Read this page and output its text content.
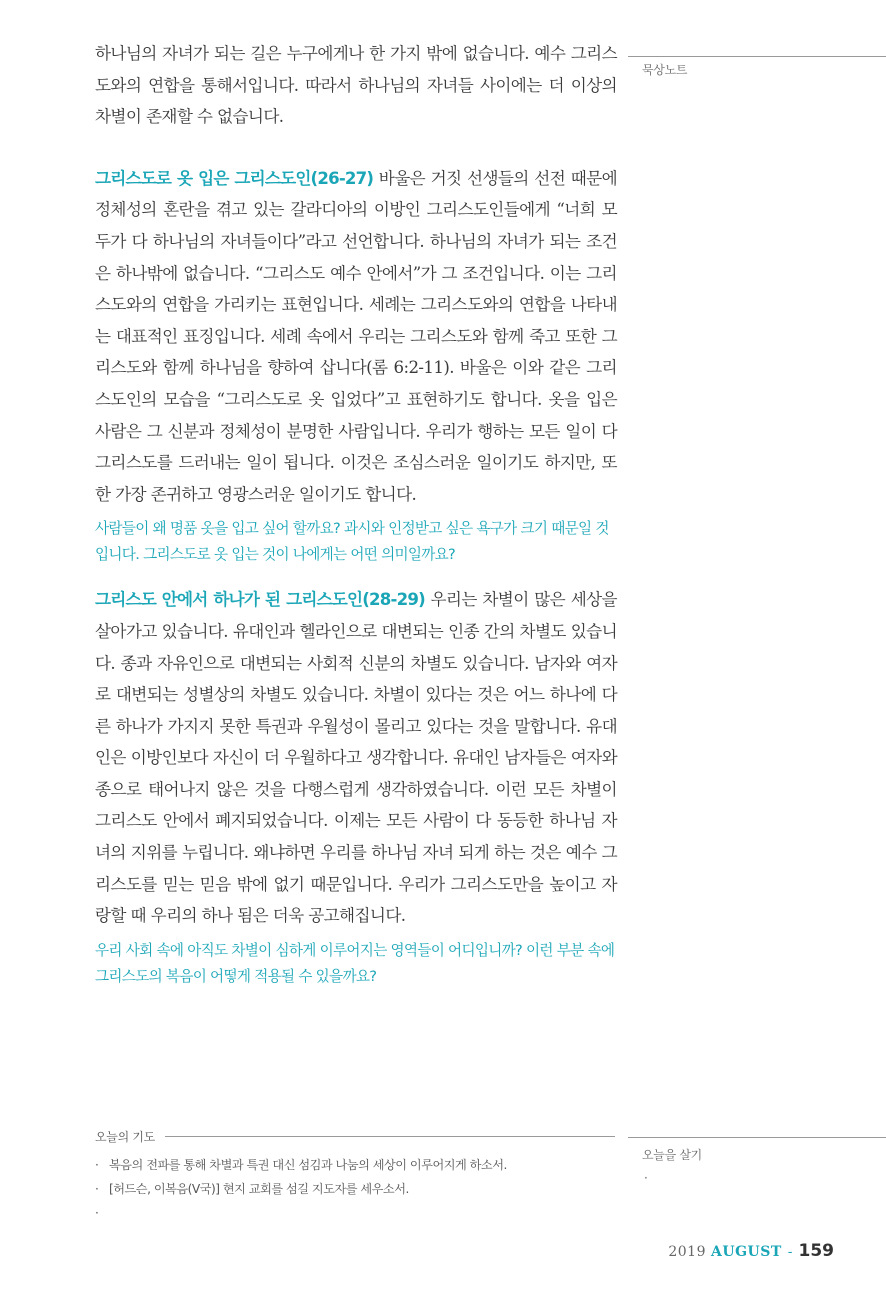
하나님의 자녀가 되는 길은 누구에게나 한 가지 밖에 없습니다. 예수 그리스도와의 연합을 통해서입니다. 따라서 하나님의 자녀들 사이에는 더 이상의 차별이 존재할 수 없습니다.

그리스도로 옷 입은 그리스도인(26-27) 바울은 거짓 선생들의 선전 때문에 정체성의 혼란을 겪고 있는 갈라디아의 이방인 그리스도인들에게 “너희 모두가 다 하나님의 자녀들이다”라고 선언합니다. 하나님의 자녀가 되는 조건은 하나밖에 없습니다. “그리스도 예수 안에서”가 그 조건입니다. 이는 그리스도와의 연합을 가리키는 표현입니다. 세례는 그리스도와의 연합을 나타내는 대표적인 표징입니다. 세례 속에서 우리는 그리스도와 함께 죽고 또한 그리스도와 함께 하나님을 향하여 삽니다(롬 6:2-11). 바울은 이와 같은 그리스도인의 모습을 “그리스도로 옷 입었다”고 표현하기도 합니다. 옷을 입은 사람은 그 신분과 정체성이 분명한 사람입니다. 우리가 행하는 모든 일이 다 그리스도를 드러내는 일이 됩니다. 이것은 조심스러운 일이기도 하지만, 또한 가장 존귀하고 영광스러운 일이기도 합니다.

사람들이 왜 명품 옷을 입고 싶어 할까요? 과시와 인정받고 싶은 욕구가 크기 때문일 것입니다. 그리스도로 옷 입는 것이 나에게는 어떤 의미일까요?

그리스도 안에서 하나가 된 그리스도인(28-29) 우리는 차별이 많은 세상을 살아가고 있습니다. 유대인과 헬라인으로 대변되는 인종 간의 차별도 있습니다. 종과 자유인으로 대변되는 사회적 신분의 차별도 있습니다. 남자와 여자로 대변되는 성별상의 차별도 있습니다. 차별이 있다는 것은 어느 하나에 다른 하나가 가지지 못한 특권과 우월성이 몰리고 있다는 것을 말합니다. 유대인은 이방인보다 자신이 더 우월하다고 생각합니다. 유대인 남자들은 여자와 종으로 태어나지 않은 것을 다행스럽게 생각하였습니다. 이런 모든 차별이 그리스도 안에서 폐지되었습니다. 이제는 모든 사람이 다 동등한 하나님 자녀의 지위를 누립니다. 왜냐하면 우리를 하나님 자녀 되게 하는 것은 예수 그리스도를 믿는 믿음 밖에 없기 때문입니다. 우리가 그리스도만을 높이고 자랑할 때 우리의 하나 됨은 더욱 공고해집니다.

우리 사회 속에 아직도 차별이 심하게 이루어지는 영역들이 어디입니까? 이런 부분 속에 그리스도의 복음이 어떻게 적용될 수 있을까요?

묵상노트
오늘을 살기
·
오늘의 기도
· 복음의 전파를 통해 차별과 특권 대신 섬김과 나눔의 세상이 이루어지게 하소서.
· [허드슨, 이복음(V국)] 현지 교회를 섬길 지도자를 세우소서.
·
2019 AUGUST - 159
